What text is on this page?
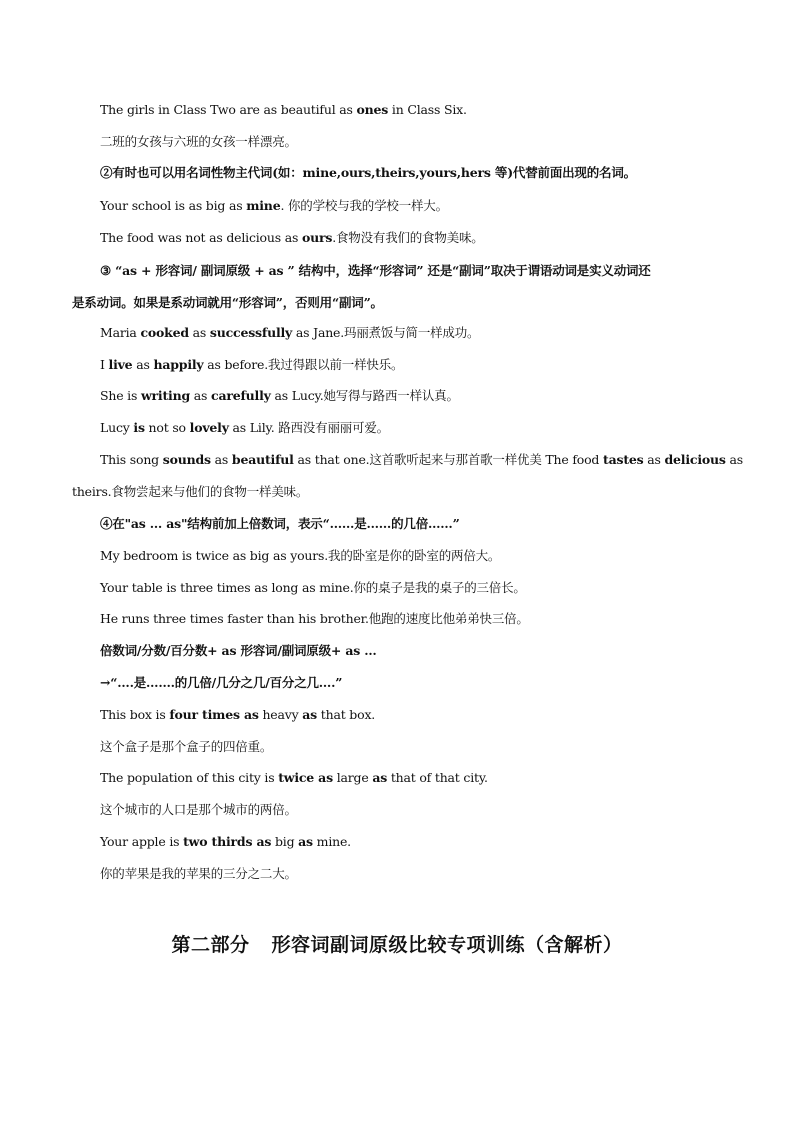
The girls in Class Two are as beautiful as ones in Class Six.
二班的女孩与六班的女孩一样漂亮。
②有时也可以用名词性物主代词(如：mine,ours,theirs,yours,hers 等)代替前面出现的名词。
Your school is as big as mine. 你的学校与我的学校一样大。
The food was not as delicious as ours.食物没有我们的食物美味。
③ “as + 形容词/ 副词原级 + as ” 结构中，选择“形容词” 还是“副词”取决于谓语动词是实义动词还
是系动词。如果是系动词就用“形容词”，否则用“副词”。
Maria cooked as successfully as Jane.玛丽煮饭与简一样成功。
I live as happily as before.我过得跟以前一样快乐。
She is writing as carefully as Lucy.她写得与路西一样认真。
Lucy is not so lovely as Lily. 路西没有丽丽可爱。
This song sounds as beautiful as that one.这首歌听起来与那首歌一样优美 The food tastes as delicious as
theirs.食物尝起来与他们的食物一样美味。
④在"as … as"结构前加上倍数词，表示“……是……的几倍……”
My bedroom is twice as big as yours.我的卧室是你的卧室的两倍大。
Your table is three times as long as mine.你的桌子是我的桌子的三倍长。
He runs three times faster than his brother.他跑的速度比他弟弟快三倍。
倍数词/分数/百分数+ as 形容词/副词原级+ as …
→“….是…….的几倍/几分之几/百分之几….”
This box is four times as heavy as that box.
这个盒子是那个盒子的四倍重。
The population of this city is twice as large as that of that city.
这个城市的人口是那个城市的两倍。
Your apple is two thirds as big as mine.
你的苹果是我的苹果的三分之二大。
第二部分 形容词副词原级比较专项训练（含解析）
